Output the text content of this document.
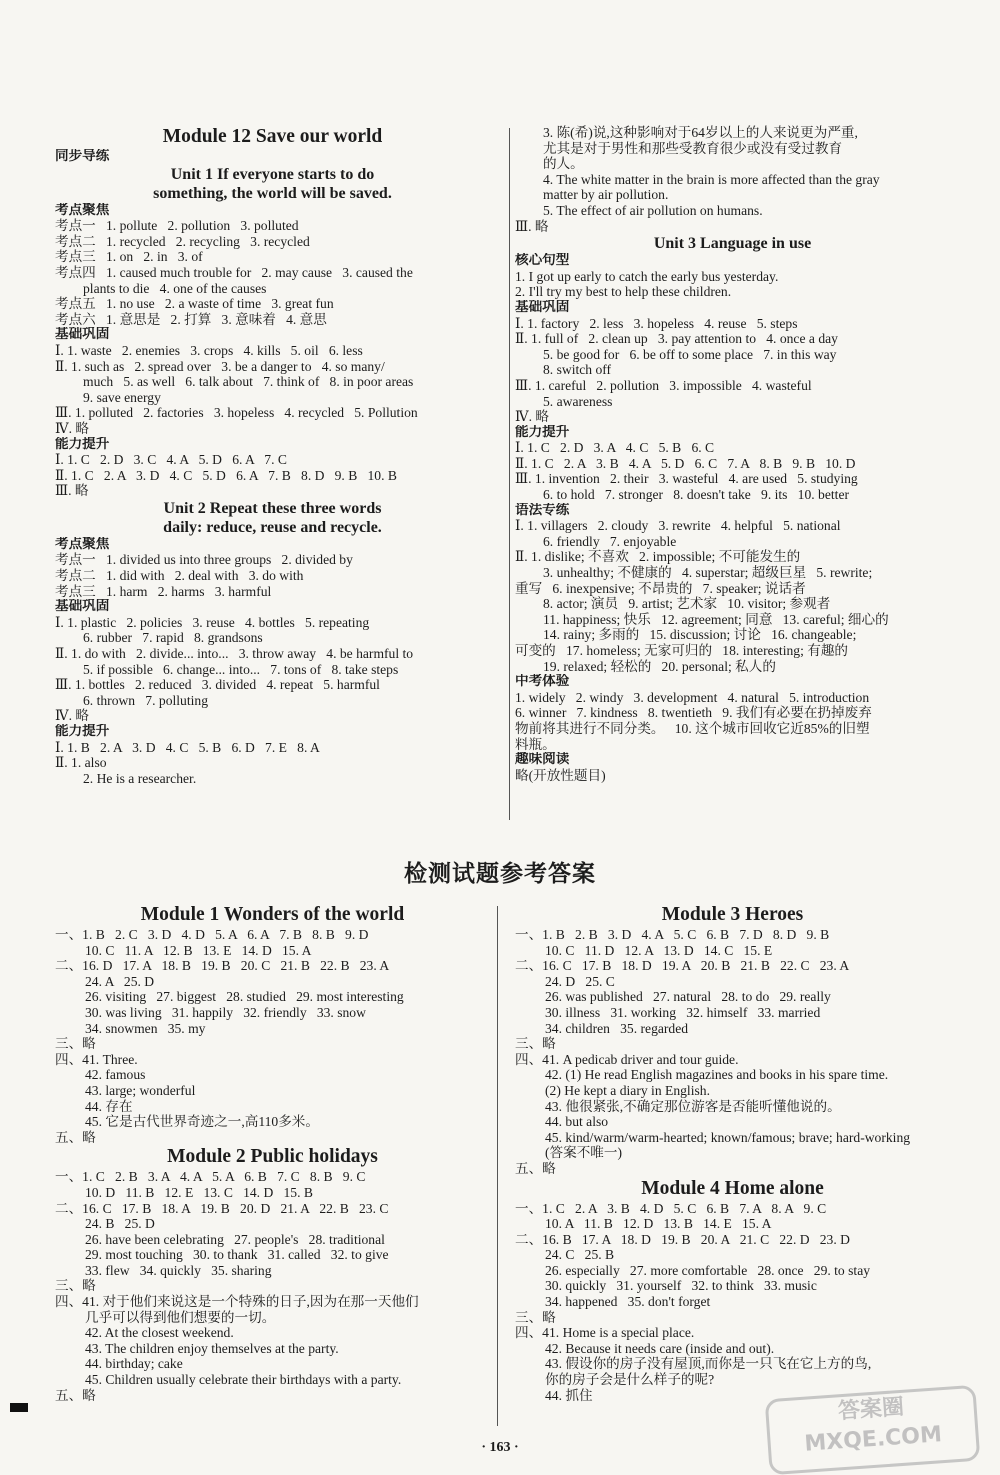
Module 12 Save our world
同步导练
Unit 1 If everyone starts to do
something, the world will be saved.
考点聚焦
考点一   1. pollute   2. pollution   3. polluted
考点二   1. recycled   2. recycling   3. recycled
考点三   1. on   2. in   3. of
考点四   1. caused much trouble for   2. may cause   3. caused the
plants to die   4. one of the causes
考点五   1. no use   2. a waste of time   3. great fun
考点六   1. 意思是   2. 打算   3. 意味着   4. 意思
基础巩固
Ⅰ. 1. waste   2. enemies   3. crops   4. kills   5. oil   6. less
Ⅱ. 1. such as   2. spread over   3. be a danger to   4. so many/
much   5. as well   6. talk about   7. think of   8. in poor areas
9. save energy
Ⅲ. 1. polluted   2. factories   3. hopeless   4. recycled   5. Pollution
Ⅳ. 略
能力提升
Ⅰ. 1. C   2. D   3. C   4. A   5. D   6. A   7. C
Ⅱ. 1. C   2. A   3. D   4. C   5. D   6. A   7. B   8. D   9. B   10. B
Ⅲ. 略
Unit 2 Repeat these three words
daily: reduce, reuse and recycle.
考点聚焦
考点一   1. divided us into three groups   2. divided by
考点二   1. did with   2. deal with   3. do with
考点三   1. harm   2. harms   3. harmful
基础巩固
Ⅰ. 1. plastic   2. policies   3. reuse   4. bottles   5. repeating
6. rubber   7. rapid   8. grandsons
Ⅱ. 1. do with   2. divide... into...   3. throw away   4. be harmful to
5. if possible   6. change... into...   7. tons of   8. take steps
Ⅲ. 1. bottles   2. reduced   3. divided   4. repeat   5. harmful
6. thrown   7. polluting
Ⅳ. 略
能力提升
Ⅰ. 1. B   2. A   3. D   4. C   5. B   6. D   7. E   8. A
Ⅱ. 1. also
2. He is a researcher.
3. 陈(希)说,这种影响对于64岁以上的人来说更为严重,
尤其是对于男性和那些受教育很少或没有受过教育
的人。
4. The white matter in the brain is more affected than the gray
matter by air pollution.
5. The effect of air pollution on humans.
Ⅲ. 略
Unit 3 Language in use
核心句型
1. I got up early to catch the early bus yesterday.
2. I'll try my best to help these children.
基础巩固
Ⅰ. 1. factory   2. less   3. hopeless   4. reuse   5. steps
Ⅱ. 1. full of   2. clean up   3. pay attention to   4. once a day
5. be good for   6. be off to some place   7. in this way
8. switch off
Ⅲ. 1. careful   2. pollution   3. impossible   4. wasteful
5. awareness
Ⅳ. 略
能力提升
Ⅰ. 1. C   2. D   3. A   4. C   5. B   6. C
Ⅱ. 1. C   2. A   3. B   4. A   5. D   6. C   7. A   8. B   9. B   10. D
Ⅲ. 1. invention   2. their   3. wasteful   4. are used   5. studying
6. to hold   7. stronger   8. doesn't take   9. its   10. better
语法专练
Ⅰ. 1. villagers   2. cloudy   3. rewrite   4. helpful   5. national
6. friendly   7. enjoyable
Ⅱ. 1. dislike; 不喜欢   2. impossible; 不可能发生的
3. unhealthy; 不健康的   4. superstar; 超级巨星   5. rewrite;
重写   6. inexpensive; 不昂贵的   7. speaker; 说话者
8. actor; 演员   9. artist; 艺术家   10. visitor; 参观者
11. happiness; 快乐   12. agreement; 同意   13. careful; 细心的
14. rainy; 多雨的   15. discussion; 讨论   16. changeable;
可变的   17. homeless; 无家可归的   18. interesting; 有趣的
19. relaxed; 轻松的   20. personal; 私人的
中考体验
1. widely   2. windy   3. development   4. natural   5. introduction
6. winner   7. kindness   8. twentieth   9. 我们有必要在扔掉废弃
物前将其进行不同分类。   10. 这个城市回收它近85%的旧塑
料瓶。
趣味阅读
略(开放性题目)
检测试题参考答案
Module 1 Wonders of the world
一、1. B   2. C   3. D   4. D   5. A   6. A   7. B   8. B   9. D
10. C   11. A   12. B   13. E   14. D   15. A
二、16. D   17. A   18. B   19. B   20. C   21. B   22. B   23. A
24. A   25. D
26. visiting   27. biggest   28. studied   29. most interesting
30. was living   31. happily   32. friendly   33. snow
34. snowmen   35. my
三、略
四、41. Three.
42. famous
43. large; wonderful
44. 存在
45. 它是古代世界奇迹之一,高110多米。
五、略
Module 2 Public holidays
一、1. C   2. B   3. A   4. A   5. A   6. B   7. C   8. B   9. C
10. D   11. B   12. E   13. C   14. D   15. B
二、16. C   17. B   18. A   19. B   20. D   21. A   22. B   23. C
24. B   25. D
26. have been celebrating   27. people's   28. traditional
29. most touching   30. to thank   31. called   32. to give
33. flew   34. quickly   35. sharing
三、略
四、41. 对于他们来说这是一个特殊的日子,因为在那一天他们
几乎可以得到他们想要的一切。
42. At the closest weekend.
43. The children enjoy themselves at the party.
44. birthday; cake
45. Children usually celebrate their birthdays with a party.
五、略
Module 3 Heroes
一、1. B   2. B   3. D   4. A   5. C   6. B   7. D   8. D   9. B
10. C   11. D   12. A   13. D   14. C   15. E
二、16. C   17. B   18. D   19. A   20. B   21. B   22. C   23. A
24. D   25. C
26. was published   27. natural   28. to do   29. really
30. illness   31. working   32. himself   33. married
34. children   35. regarded
三、略
四、41. A pedicab driver and tour guide.
42. (1) He read English magazines and books in his spare time.
(2) He kept a diary in English.
43. 他很紧张,不确定那位游客是否能听懂他说的。
44. but also
45. kind/warm/warm-hearted; known/famous; brave; hard-working
(答案不唯一)
五、略
Module 4 Home alone
一、1. C   2. A   3. B   4. D   5. C   6. B   7. A   8. A   9. C
10. A   11. B   12. D   13. B   14. E   15. A
二、16. B   17. A   18. D   19. B   20. A   21. C   22. D   23. D
24. C   25. B
26. especially   27. more comfortable   28. once   29. to stay
30. quickly   31. yourself   32. to think   33. music
34. happened   35. don't forget
三、略
四、41. Home is a special place.
42. Because it needs care (inside and out).
43. 假设你的房子没有屋顶,而你是一只飞在它上方的鸟,
你的房子会是什么样子的呢?
44. 抓住
· 163 ·
答案圈
MXQE.COM
